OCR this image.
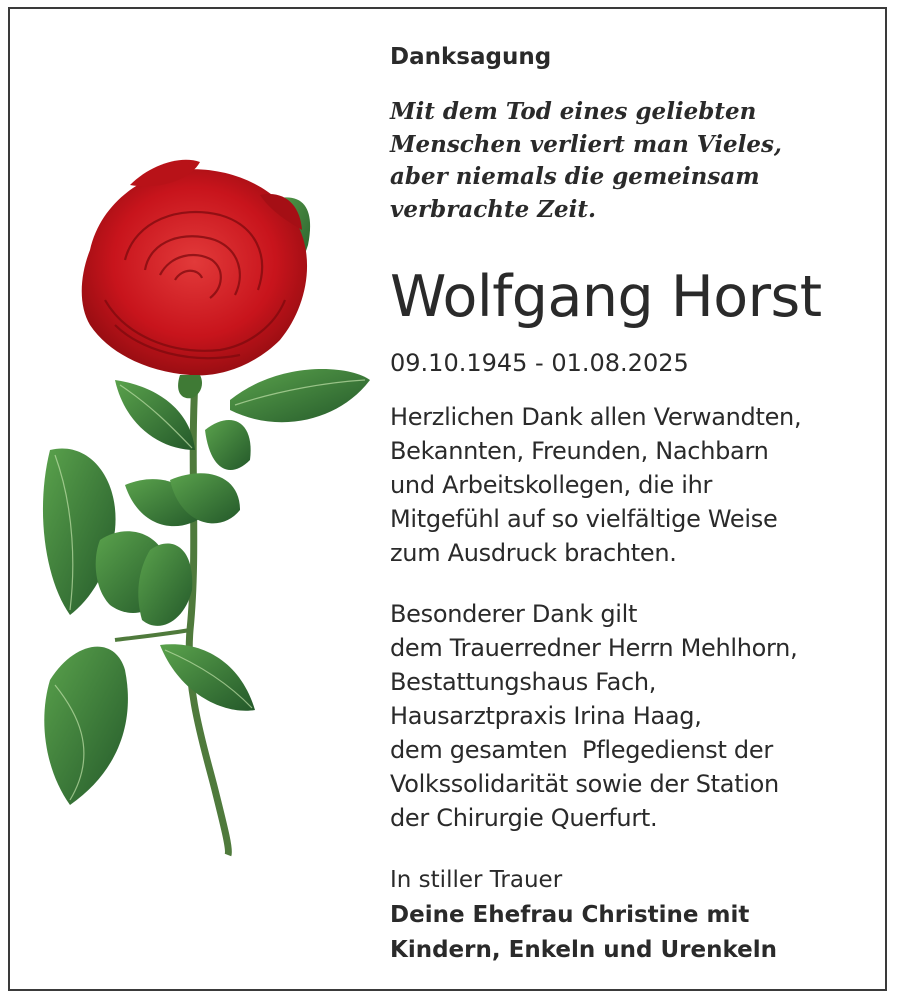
Danksagung
Mit dem Tod eines geliebten
Menschen verliert man Vieles,
aber niemals die gemeinsam
verbrachte Zeit.
Wolfgang Horst
09.10.1945 - 01.08.2025
Herzlichen Dank allen Verwandten,
Bekannten, Freunden, Nachbarn
und Arbeitskollegen, die ihr
Mitgefühl auf so vielfältige Weise
zum Ausdruck brachten.
Besonderer Dank gilt
dem Trauerredner Herrn Mehlhorn,
Bestattungshaus Fach,
Hausarztpraxis Irina Haag,
dem gesamten  Pflegedienst der
Volkssolidarität sowie der Station
der Chirurgie Querfurt.
In stiller Trauer
Deine Ehefrau Christine mit
Kindern, Enkeln und Urenkeln
